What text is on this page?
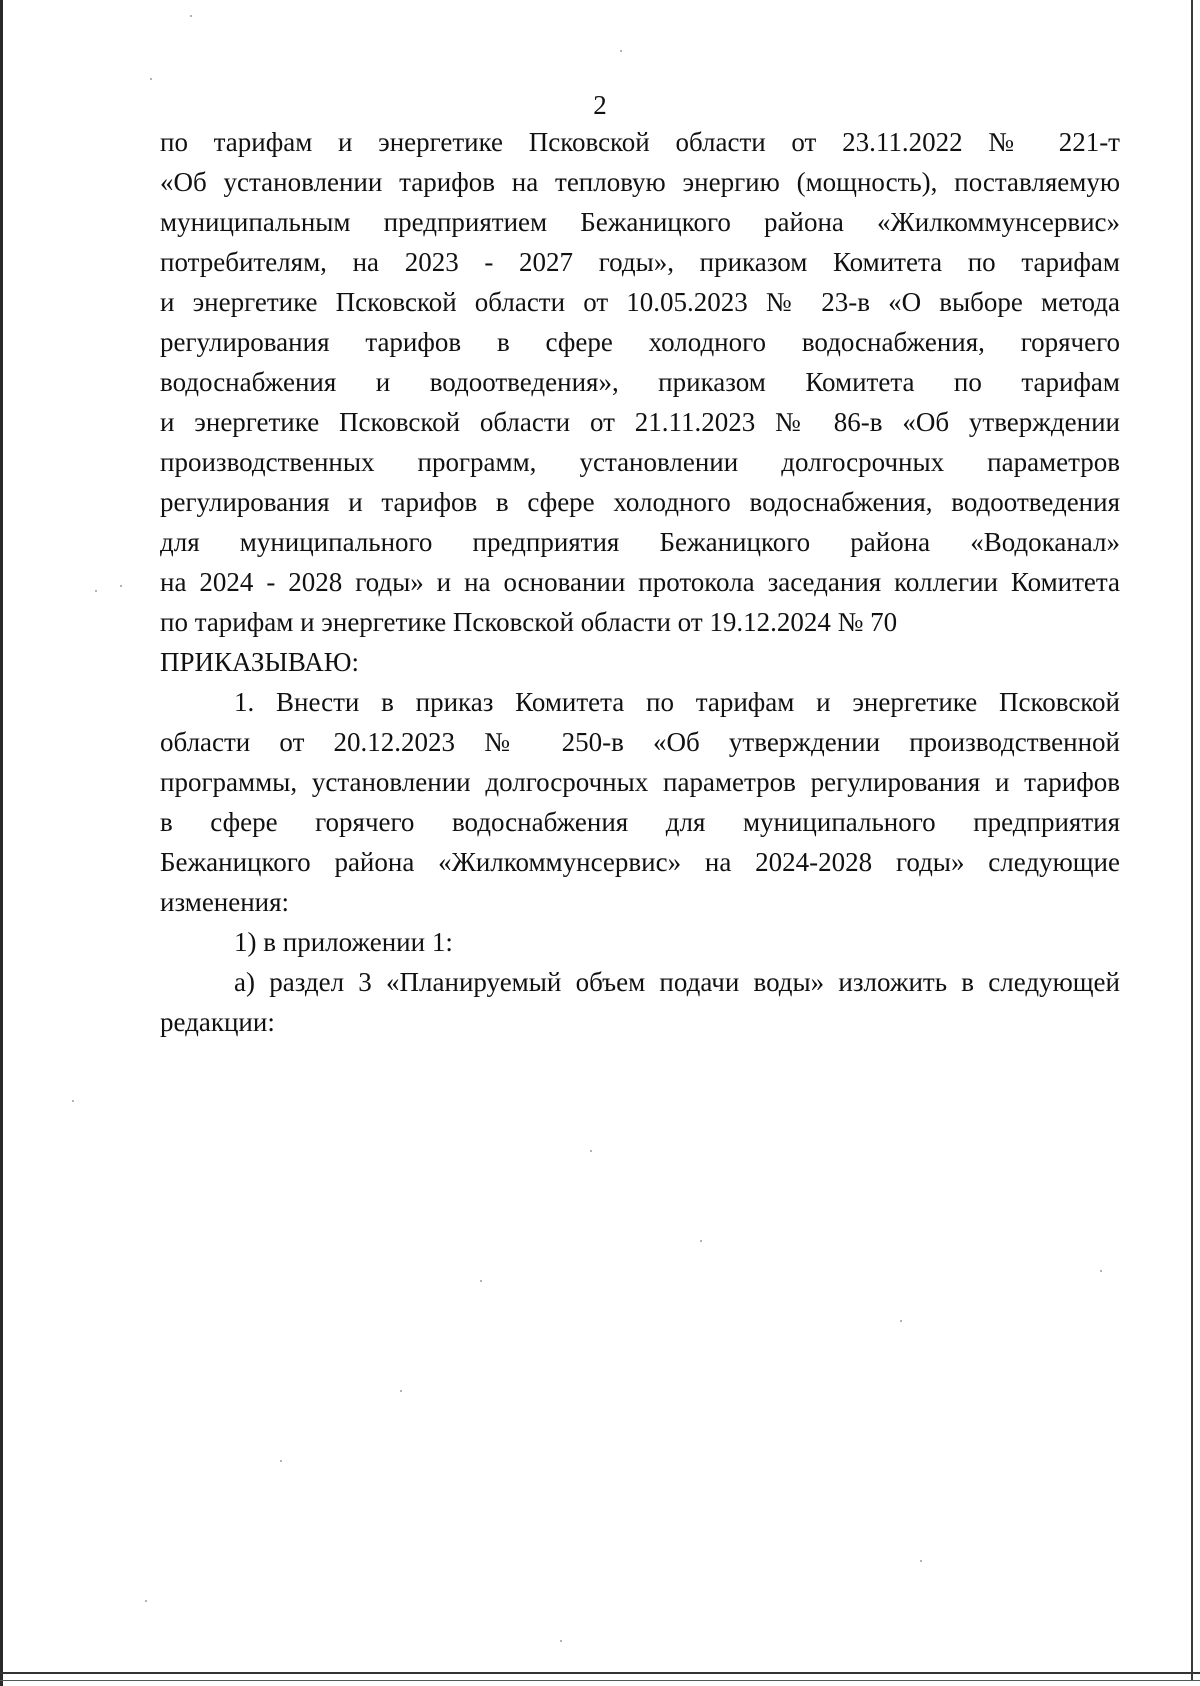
2
по тарифам и энергетике Псковской области от 23.11.2022 № 221-т
«Об установлении тарифов на тепловую энергию (мощность), поставляемую
муниципальным предприятием Бежаницкого района «Жилкоммунсервис»
потребителям, на 2023 - 2027 годы», приказом Комитета по тарифам
и энергетике Псковской области от 10.05.2023 № 23-в «О выборе метода
регулирования тарифов в сфере холодного водоснабжения, горячего
водоснабжения и водоотведения», приказом Комитета по тарифам
и энергетике Псковской области от 21.11.2023 № 86-в «Об утверждении
производственных программ, установлении долгосрочных параметров
регулирования и тарифов в сфере холодного водоснабжения, водоотведения
для муниципального предприятия Бежаницкого района «Водоканал»
на 2024 - 2028 годы» и на основании протокола заседания коллегии Комитета
по тарифам и энергетике Псковской области от 19.12.2024 № 70
ПРИКАЗЫВАЮ:
1. Внести в приказ Комитета по тарифам и энергетике Псковской
области от 20.12.2023 № 250-в «Об утверждении производственной
программы, установлении долгосрочных параметров регулирования и тарифов
в сфере горячего водоснабжения для муниципального предприятия
Бежаницкого района «Жилкоммунсервис» на 2024-2028 годы» следующие
изменения:
1) в приложении 1:
а) раздел 3 «Планируемый объем подачи воды» изложить в следующей
редакции:
